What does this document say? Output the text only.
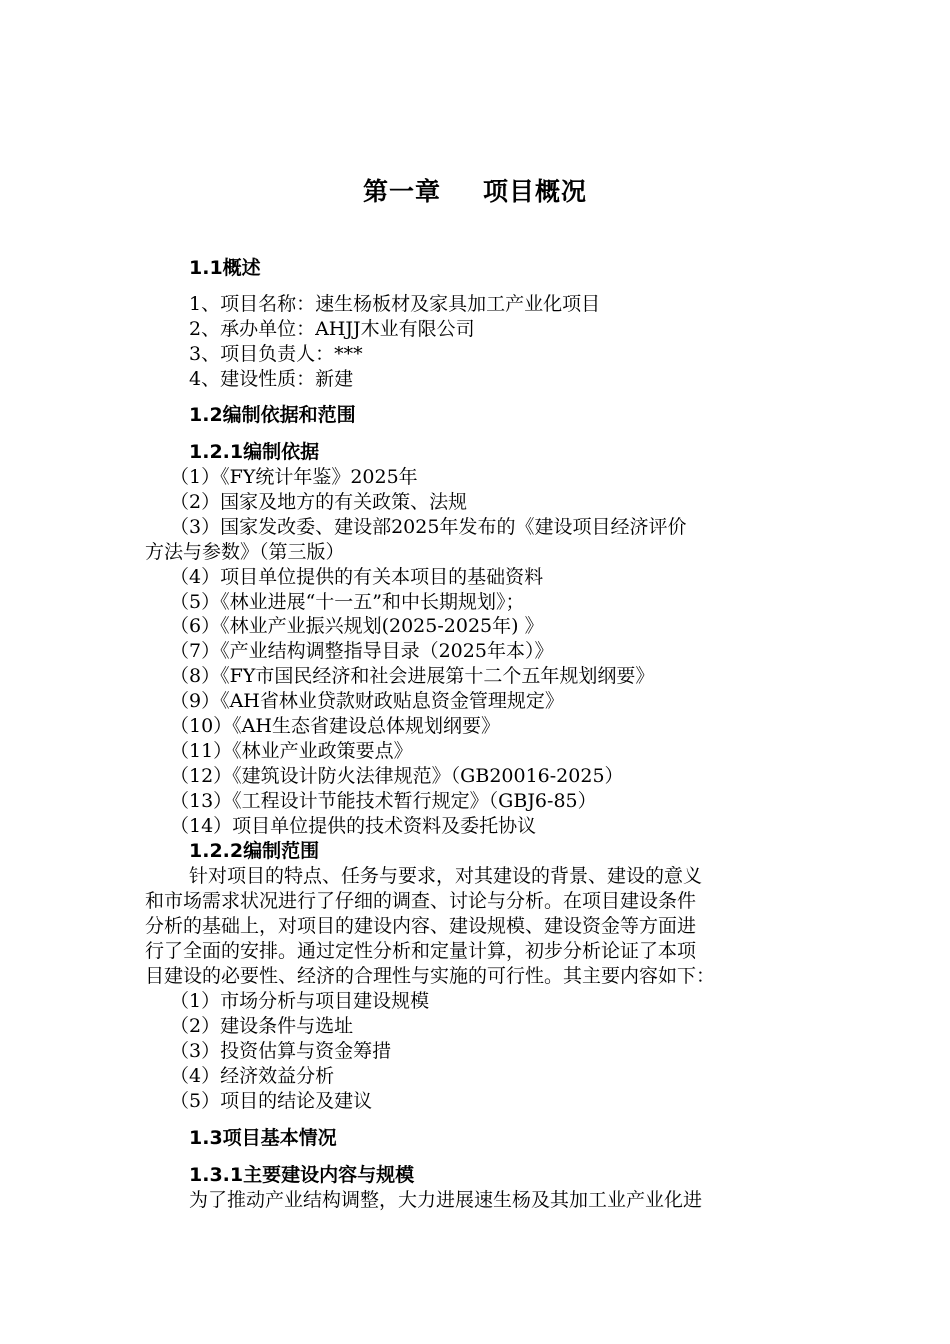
第一章 项目概况
1.1概述
1、项目名称：速生杨板材及家具加工产业化项目
2、承办单位：AHJJ木业有限公司
3、项目负责人：***
4、建设性质：新建
1.2编制依据和范围
1.2.1编制依据
（1）《FY统计年鉴》2025年
（2）国家及地方的有关政策、法规
（3）国家发改委、建设部2025年发布的《建设项目经济评价
方法与参数》（第三版）
（4）项目单位提供的有关本项目的基础资料
（5）《林业进展“十一五”和中长期规划》；
（6）《林业产业振兴规划(2025-2025年) 》
（7）《产业结构调整指导目录（2025年本）》
（8）《FY市国民经济和社会进展第十二个五年规划纲要》
（9）《AH省林业贷款财政贴息资金管理规定》
（10）《AH生态省建设总体规划纲要》
（11）《林业产业政策要点》
（12）《建筑设计防火法律规范》（GB20016-2025）
（13）《工程设计节能技术暂行规定》（GBJ6-85）
（14）项目单位提供的技术资料及委托协议
1.2.2编制范围
针对项目的特点、任务与要求，对其建设的背景、建设的意义
和市场需求状况进行了仔细的调查、讨论与分析。在项目建设条件
分析的基础上，对项目的建设内容、建设规模、建设资金等方面进
行了全面的安排。通过定性分析和定量计算，初步分析论证了本项
目建设的必要性、经济的合理性与实施的可行性。其主要内容如下：
（1）市场分析与项目建设规模
（2）建设条件与选址
（3）投资估算与资金筹措
（4）经济效益分析
（5）项目的结论及建议
1.3项目基本情况
1.3.1主要建设内容与规模
为了推动产业结构调整，大力进展速生杨及其加工业产业化进
